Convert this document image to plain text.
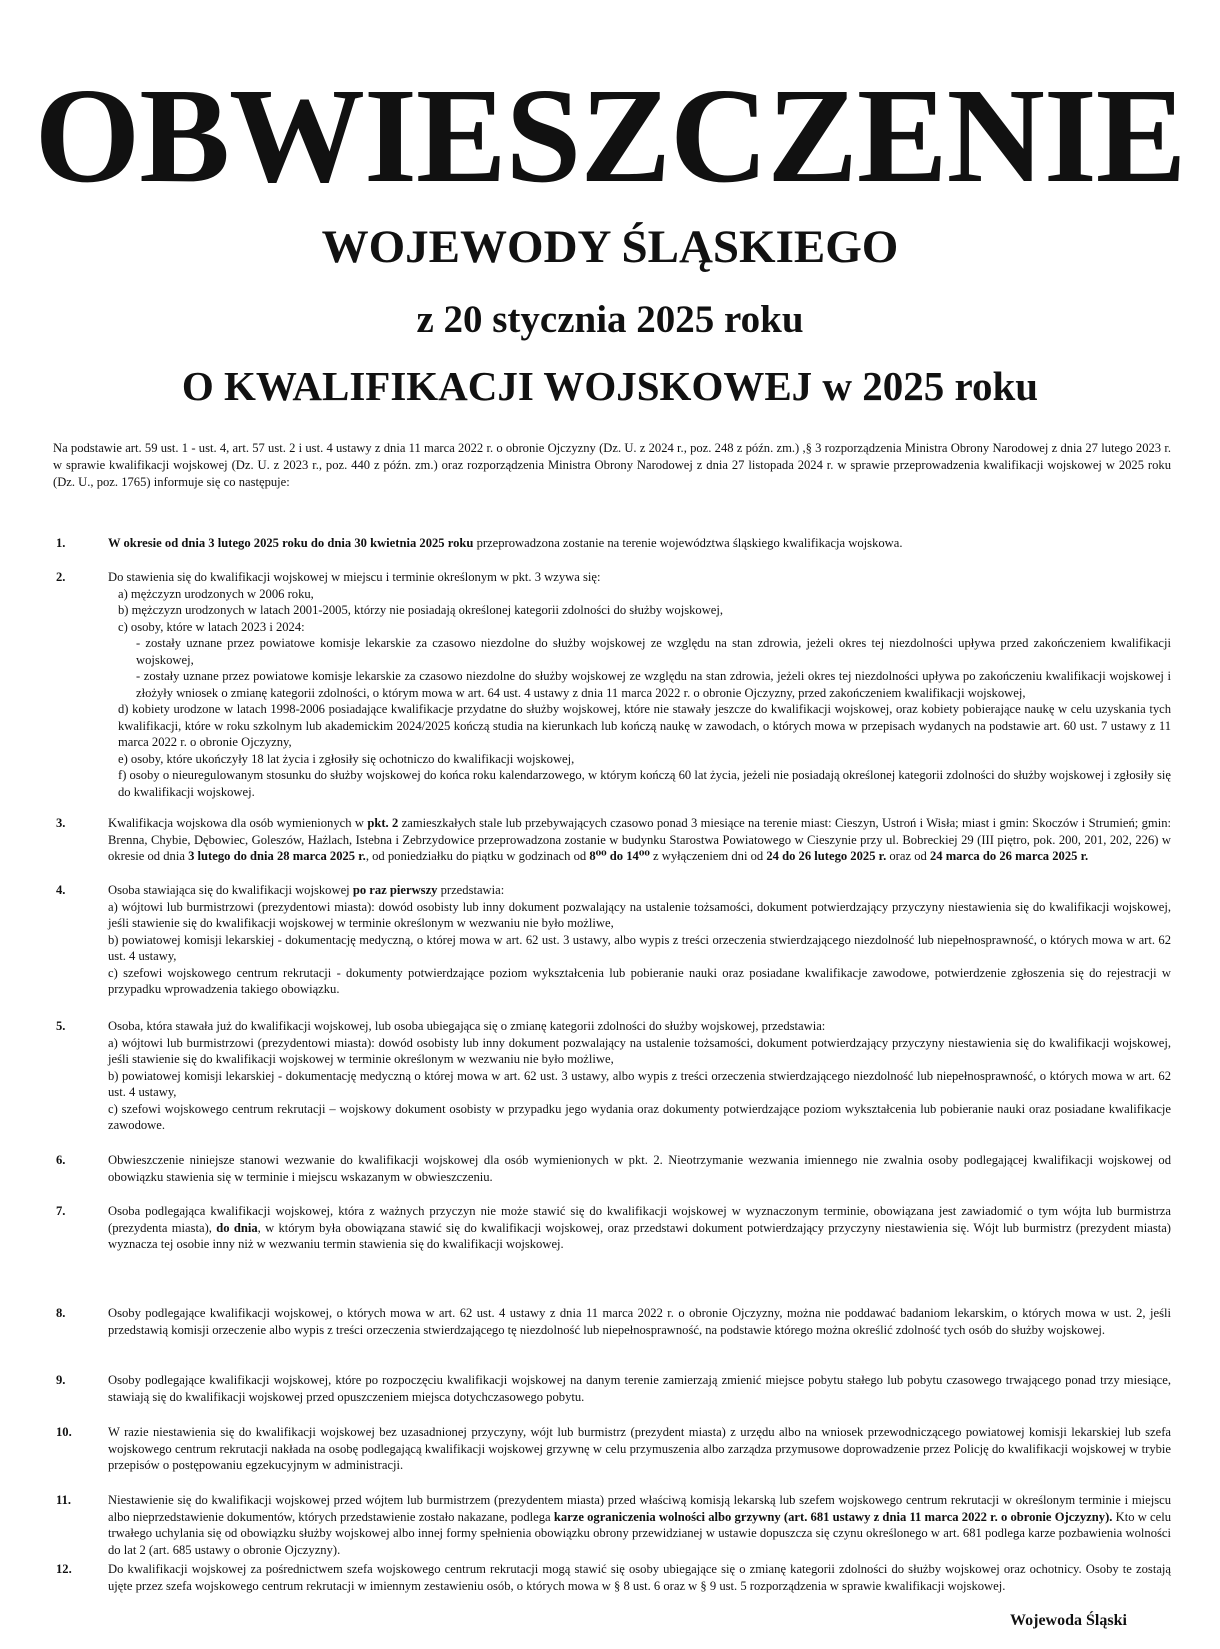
OBWIESZCZENIE
WOJEWODY ŚLĄSKIEGO
z 20 stycznia 2025 roku
O KWALIFIKACJI WOJSKOWEJ w 2025 roku
Na podstawie art. 59 ust. 1 - ust. 4, art. 57 ust. 2 i ust. 4 ustawy z dnia 11 marca 2022 r. o obronie Ojczyzny (Dz. U. z 2024 r., poz. 248 z późn. zm.) ,§ 3 rozporządzenia Ministra Obrony Narodowej z dnia 27 lutego 2023 r. w sprawie kwalifikacji wojskowej (Dz. U. z 2023 r., poz. 440 z późn. zm.) oraz rozporządzenia Ministra Obrony Narodowej z dnia 27 listopada 2024 r. w sprawie przeprowadzenia kwalifikacji wojskowej w 2025 roku (Dz. U., poz. 1765) informuje się co następuje:
1.	W okresie od dnia 3 lutego 2025 roku do dnia 30 kwietnia 2025 roku przeprowadzona zostanie na terenie województwa śląskiego kwalifikacja wojskowa.
2.	Do stawienia się do kwalifikacji wojskowej w miejscu i terminie określonym w pkt. 3 wzywa się:

a) mężczyzn urodzonych w 2006 roku,

b) mężczyzn urodzonych w latach 2001-2005, którzy nie posiadają określonej kategorii zdolności do służby wojskowej,

c) osoby, które w latach 2023 i 2024:

- zostały uznane przez powiatowe komisje lekarskie za czasowo niezdolne do służby wojskowej ze względu na stan zdrowia, jeżeli okres tej niezdolności upływa przed zakończeniem kwalifikacji wojskowej,

- zostały uznane przez powiatowe komisje lekarskie za czasowo niezdolne do służby wojskowej ze względu na stan zdrowia, jeżeli okres tej niezdolności upływa po zakończeniu kwalifikacji wojskowej i złożyły wniosek o zmianę kategorii zdolności, o którym mowa w art. 64 ust. 4 ustawy z dnia 11 marca 2022 r. o obronie Ojczyzny, przed zakończeniem kwalifikacji wojskowej,

d) kobiety urodzone w latach 1998-2006 posiadające kwalifikacje przydatne do służby wojskowej, które nie stawały jeszcze do kwalifikacji wojskowej, oraz kobiety pobierające naukę w celu uzyskania tych kwalifikacji, które w roku szkolnym lub akademickim 2024/2025 kończą studia na kierunkach lub kończą naukę w zawodach, o których mowa w przepisach wydanych na podstawie art. 60 ust. 7 ustawy z 11 marca 2022 r. o obronie Ojczyzny,

e) osoby, które ukończyły 18 lat życia i zgłosiły się ochotniczo do kwalifikacji wojskowej,

f) osoby o nieuregulowanym stosunku do służby wojskowej do końca roku kalendarzowego, w którym kończą 60 lat życia, jeżeli nie posiadają określonej kategorii zdolności do służby wojskowej i zgłosiły się do kwalifikacji wojskowej.

3.	Kwalifikacja wojskowa dla osób wymienionych w pkt. 2 zamieszkałych stale lub przebywających czasowo ponad 3 miesiące na terenie miast: Cieszyn, Ustroń i Wisła; miast i gmin: Skoczów i Strumień; gmin: Brenna, Chybie, Dębowiec, Goleszów, Hażlach, Istebna i Zebrzydowice przeprowadzona zostanie w budynku Starostwa Powiatowego w Cieszynie przy ul. Bobreckiej 29 (III piętro, pok. 200, 201, 202, 226) w okresie od dnia 3 lutego do dnia 28 marca 2025 r., od poniedziałku do piątku w godzinach od 8⁰⁰ do 14⁰⁰ z wyłączeniem dni od 24 do 26 lutego 2025 r. oraz od 24 marca do 26 marca 2025 r.
4.	Osoba stawiająca się do kwalifikacji wojskowej po raz pierwszy przedstawia:

a) wójtowi lub burmistrzowi (prezydentowi miasta): dowód osobisty lub inny dokument pozwalający na ustalenie tożsamości, dokument potwierdzający przyczyny niestawienia się do kwalifikacji wojskowej, jeśli stawienie się do kwalifikacji wojskowej w terminie określonym w wezwaniu nie było możliwe,

b) powiatowej komisji lekarskiej - dokumentację medyczną, o której mowa w art. 62 ust. 3 ustawy, albo wypis z treści orzeczenia stwierdzającego niezdolność lub niepełnosprawność, o których mowa w art. 62 ust. 4 ustawy,

c) szefowi wojskowego centrum rekrutacji - dokumenty potwierdzające poziom wykształcenia lub pobieranie nauki oraz posiadane kwalifikacje zawodowe, potwierdzenie zgłoszenia się do rejestracji w przypadku wprowadzenia takiego obowiązku.

5.	Osoba, która stawała już do kwalifikacji wojskowej, lub osoba ubiegająca się o zmianę kategorii zdolności do służby wojskowej, przedstawia:

a) wójtowi lub burmistrzowi (prezydentowi miasta): dowód osobisty lub inny dokument pozwalający na ustalenie tożsamości, dokument potwierdzający przyczyny niestawienia się do kwalifikacji wojskowej, jeśli stawienie się do kwalifikacji wojskowej w terminie określonym w wezwaniu nie było możliwe,

b) powiatowej komisji lekarskiej - dokumentację medyczną o której mowa w art. 62 ust. 3 ustawy, albo wypis z treści orzeczenia stwierdzającego niezdolność lub niepełnosprawność, o których mowa w art. 62 ust. 4 ustawy,

c) szefowi wojskowego centrum rekrutacji – wojskowy dokument osobisty w przypadku jego wydania oraz dokumenty potwierdzające poziom wykształcenia lub pobieranie nauki oraz posiadane kwalifikacje zawodowe.

6.	Obwieszczenie niniejsze stanowi wezwanie do kwalifikacji wojskowej dla osób wymienionych w pkt. 2. Nieotrzymanie wezwania imiennego nie zwalnia osoby podlegającej kwalifikacji wojskowej od obowiązku stawienia się w terminie i miejscu wskazanym w obwieszczeniu.
7.	Osoba podlegająca kwalifikacji wojskowej, która z ważnych przyczyn nie może stawić się do kwalifikacji wojskowej w wyznaczonym terminie, obowiązana jest zawiadomić o tym wójta lub burmistrza (prezydenta miasta), do dnia, w którym była obowiązana stawić się do kwalifikacji wojskowej, oraz przedstawi dokument potwierdzający przyczyny niestawienia się. Wójt lub burmistrz (prezydent miasta) wyznacza tej osobie inny niż w wezwaniu termin stawienia się do kwalifikacji wojskowej.
8.	Osoby podlegające kwalifikacji wojskowej, o których mowa w art. 62 ust. 4 ustawy z dnia 11 marca 2022 r. o obronie Ojczyzny, można nie poddawać badaniom lekarskim, o których mowa w ust. 2, jeśli przedstawią komisji orzeczenie albo wypis z treści orzeczenia stwierdzającego tę niezdolność lub niepełnosprawność, na podstawie którego można określić zdolność tych osób do służby wojskowej.
9.	Osoby podlegające kwalifikacji wojskowej, które po rozpoczęciu kwalifikacji wojskowej na danym terenie zamierzają zmienić miejsce pobytu stałego lub pobytu czasowego trwającego ponad trzy miesiące, stawiają się do kwalifikacji wojskowej przed opuszczeniem miejsca dotychczasowego pobytu.
10.	W razie niestawienia się do kwalifikacji wojskowej bez uzasadnionej przyczyny, wójt lub burmistrz (prezydent miasta) z urzędu albo na wniosek przewodniczącego powiatowej komisji lekarskiej lub szefa wojskowego centrum rekrutacji nakłada na osobę podlegającą kwalifikacji wojskowej grzywnę w celu przymuszenia albo zarządza przymusowe doprowadzenie przez Policję do kwalifikacji wojskowej w trybie przepisów o postępowaniu egzekucyjnym w administracji.
11.	Niestawienie się do kwalifikacji wojskowej przed wójtem lub burmistrzem (prezydentem miasta) przed właściwą komisją lekarską lub szefem wojskowego centrum rekrutacji w określonym terminie i miejscu albo nieprzedstawienie dokumentów, których przedstawienie zostało nakazane, podlega karze ograniczenia wolności albo grzywny (art. 681 ustawy z dnia 11 marca 2022 r. o obronie Ojczyzny). Kto w celu trwałego uchylania się od obowiązku służby wojskowej albo innej formy spełnienia obowiązku obrony przewidzianej w ustawie dopuszcza się czynu określonego w art. 681 podlega karze pozbawienia wolności do lat 2 (art. 685 ustawy o obronie Ojczyzny).
12.	Do kwalifikacji wojskowej za pośrednictwem szefa wojskowego centrum rekrutacji mogą stawić się osoby ubiegające się o zmianę kategorii zdolności do służby wojskowej oraz ochotnicy. Osoby te zostają ujęte przez szefa wojskowego centrum rekrutacji w imiennym zestawieniu osób, o których mowa w § 8 ust. 6 oraz w § 9 ust. 5 rozporządzenia w sprawie kwalifikacji wojskowej.
Wojewoda Śląski
